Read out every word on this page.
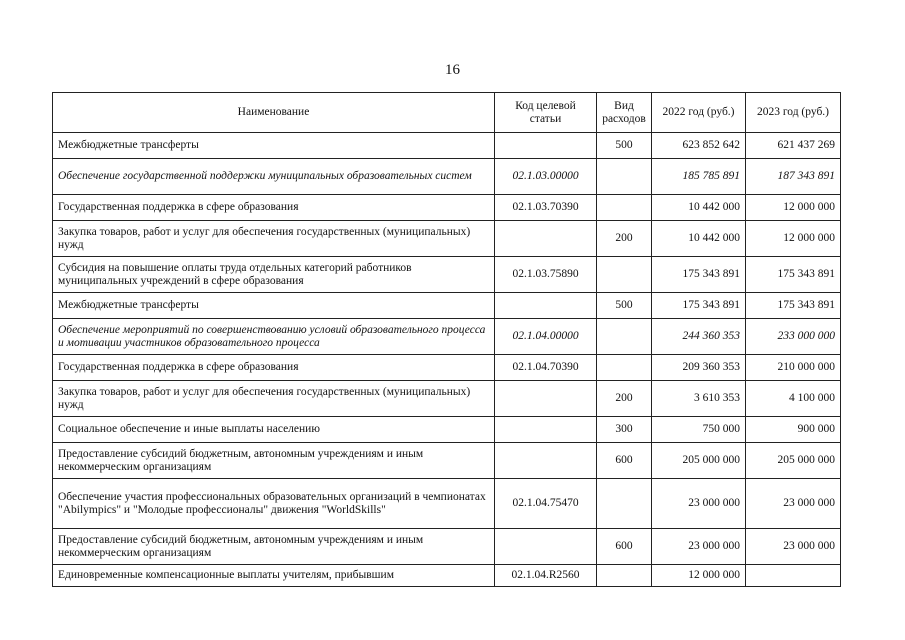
16
Наименование	Код целевой статьи	Вид расходов	2022 год (руб.)	2023 год (руб.)
Межбюджетные трансферты		500	623 852 642	621 437 269
Обеспечение государственной поддержки муниципальных образовательных систем	02.1.03.00000		185 785 891	187 343 891
Государственная поддержка в сфере образования	02.1.03.70390		10 442 000	12 000 000
Закупка товаров, работ и услуг для обеспечения государственных (муниципальных) нужд		200	10 442 000	12 000 000
Субсидия на повышение оплаты труда отдельных категорий работников муниципальных учреждений в сфере образования	02.1.03.75890		175 343 891	175 343 891
Межбюджетные трансферты		500	175 343 891	175 343 891
Обеспечение мероприятий по совершенствованию условий образовательного процесса и мотивации участников образовательного процесса	02.1.04.00000		244 360 353	233 000 000
Государственная поддержка в сфере образования	02.1.04.70390		209 360 353	210 000 000
Закупка товаров, работ и услуг для обеспечения государственных (муниципальных) нужд		200	3 610 353	4 100 000
Социальное обеспечение и иные выплаты населению		300	750 000	900 000
Предоставление субсидий бюджетным, автономным учреждениям и иным некоммерческим организациям		600	205 000 000	205 000 000
Обеспечение участия профессиональных образовательных организаций в чемпионатах "Abilympics" и "Молодые профессионалы" движения "WorldSkills"	02.1.04.75470		23 000 000	23 000 000
Предоставление субсидий бюджетным, автономным учреждениям и иным некоммерческим организациям		600	23 000 000	23 000 000
Единовременные компенсационные выплаты учителям, прибывшим	02.1.04.R2560		12 000 000	
